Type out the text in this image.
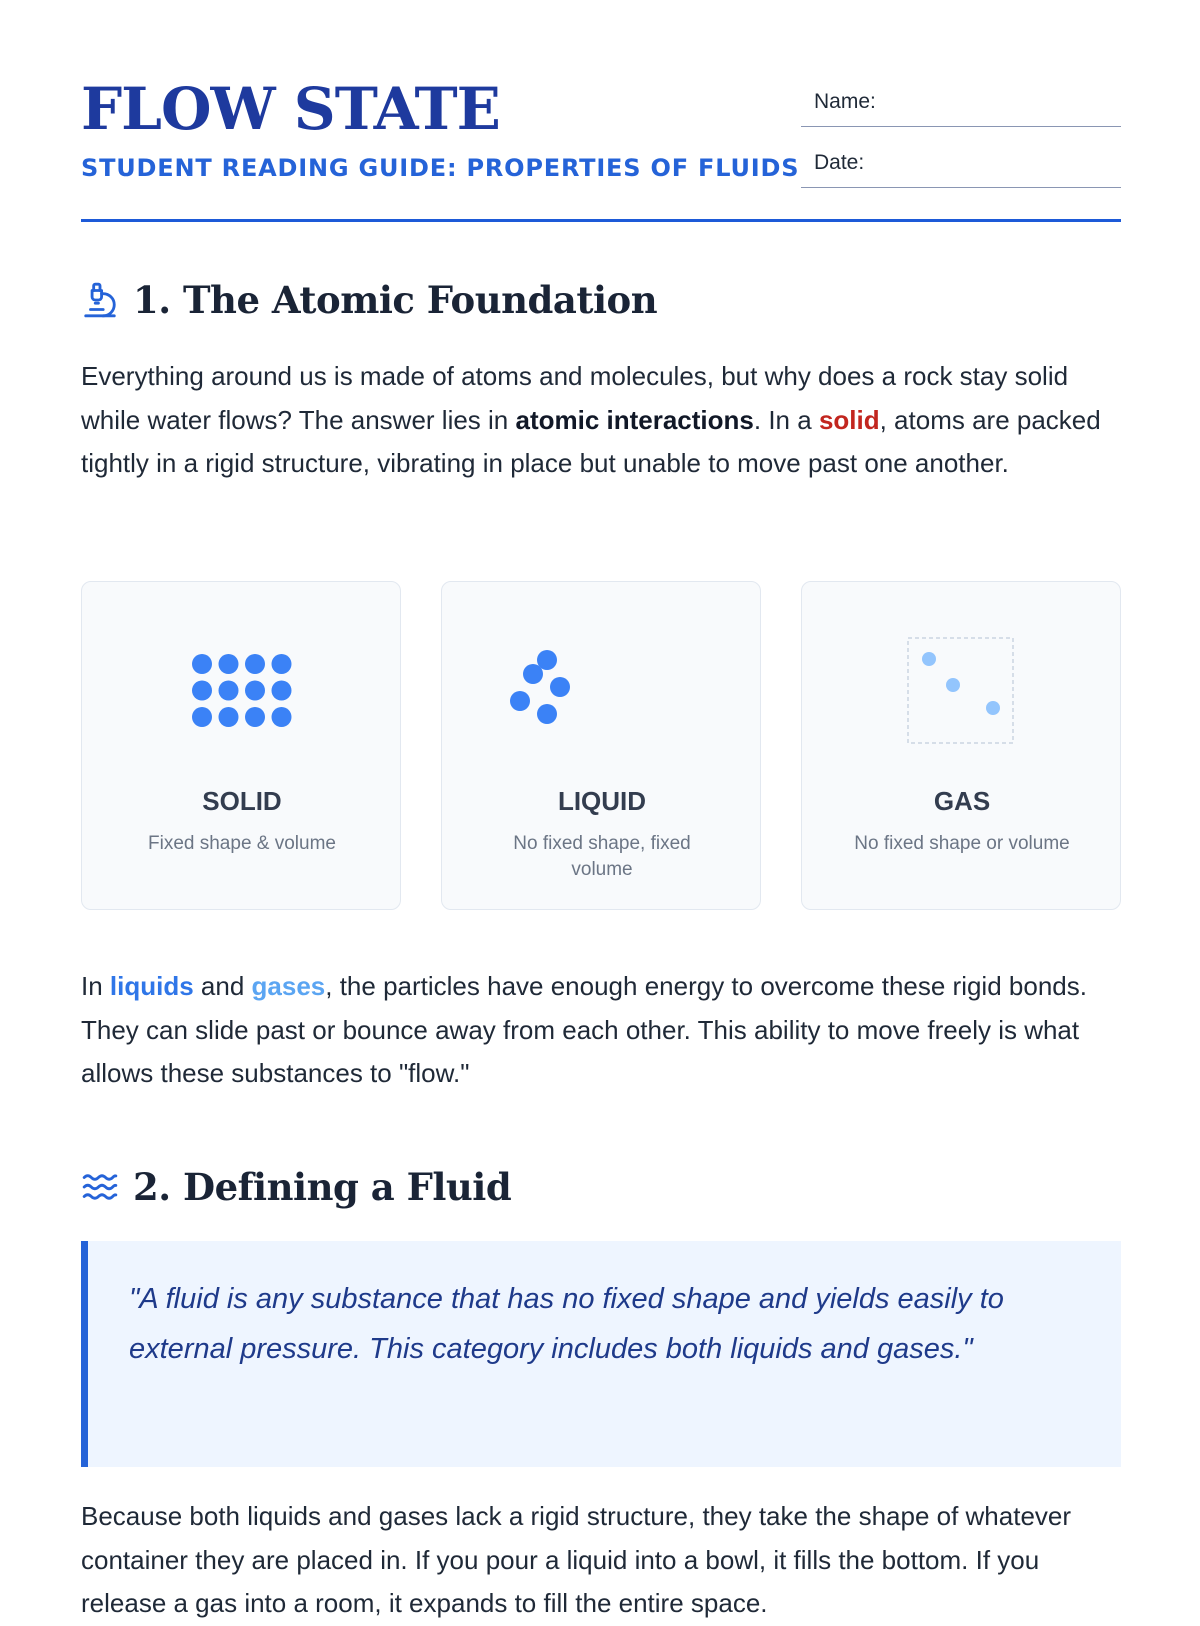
FLOW STATE
STUDENT READING GUIDE: PROPERTIES OF FLUIDS
Name:
Date:
1. The Atomic Foundation

Everything around us is made of atoms and molecules, but why does a rock stay solid while water flows? The answer lies in atomic interactions. In a solid, atoms are packed tightly in a rigid structure, vibrating in place but unable to move past one another.

SOLID
Fixed shape & volume
LIQUID
No fixed shape, fixed volume
GAS
No fixed shape or volume

In liquids and gases, the particles have enough energy to overcome these rigid bonds. They can slide past or bounce away from each other. This ability to move freely is what allows these substances to "flow."

2. Defining a Fluid

"A fluid is any substance that has no fixed shape and yields easily to external pressure. This category includes both liquids and gases."

Because both liquids and gases lack a rigid structure, they take the shape of whatever container they are placed in. If you pour a liquid into a bowl, it fills the bottom. If you release a gas into a room, it expands to fill the entire space.
